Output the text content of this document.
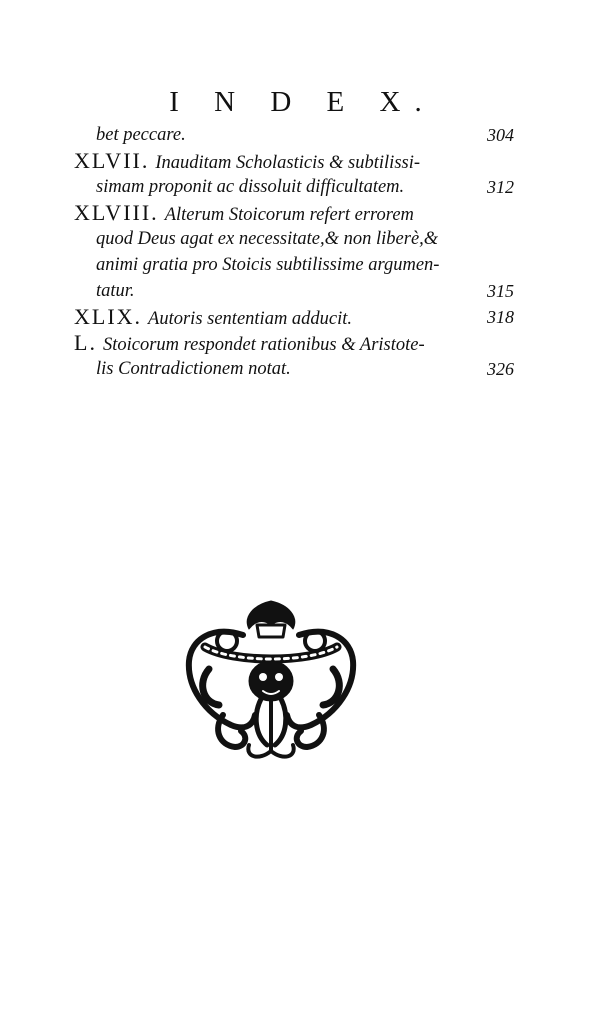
I N D E X.
bet peccare.	304
XLVII. Inauditam Scholasticis & subtilissi-
simam proponit ac dissoluit difficultatem.	312
XLVIII. Alterum Stoicorum refert errorem
quod Deus agat ex necessitate,& non liberè,&
animi gratia pro Stoicis subtilissime argumen-
tatur.	315
XLIX. Autoris sententiam adducit.	318
L. Stoicorum respondet rationibus & Aristote-
lis Contradictionem notat.	326
